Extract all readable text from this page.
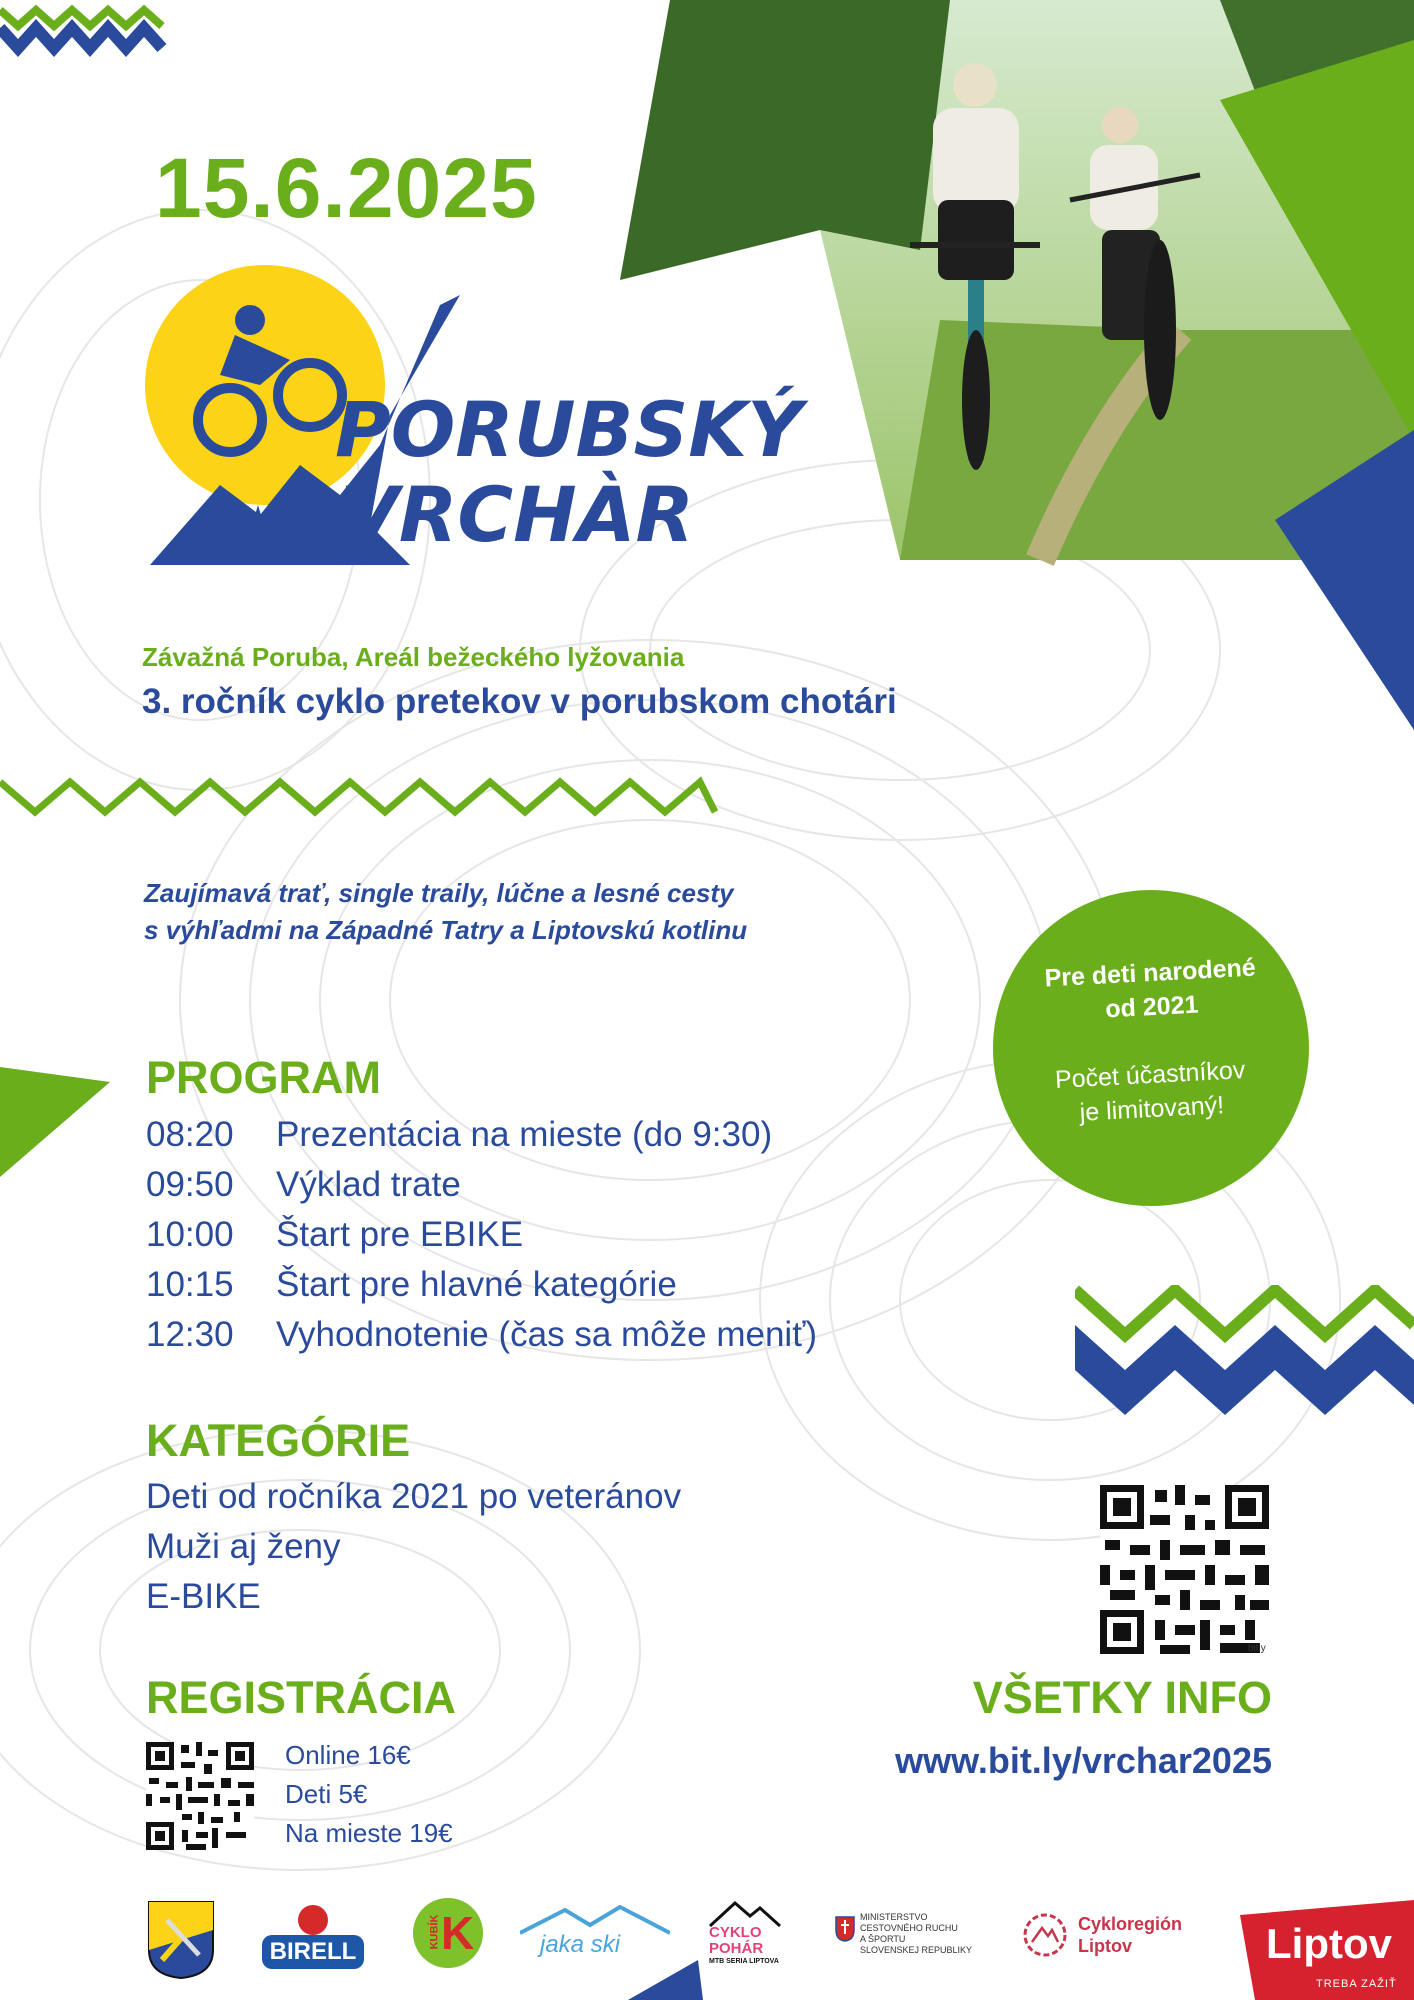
15.6.2025
PORUBSKÝ
VRCHÀR
Závažná Poruba, Areál bežeckého lyžovania
3. ročník cyklo pretekov v porubskom chotári
Zaujímavá trať, single traily, lúčne a lesné cesty
s výhľadmi na Západné Tatry a Liptovskú kotlinu
Pre deti narodené
od 2021
Počet účastníkov
je limitovaný!
PROGRAM
08:20 Prezentácia na mieste (do 9:30)
09:50 Výklad trate
10:00 Štart pre EBIKE
10:15 Štart pre hlavné kategórie
12:30 Vyhodnotenie (čas sa môže meniť)
KATEGÓRIE
Deti od ročníka 2021 po veteránov
Muži aj ženy
E-BIKE
bitly
VŠETKY INFO
www.bit.ly/vrchar2025
REGISTRÁCIA
Online 16€
Deti 5€
Na mieste 19€
BIRELL
KUBÍK K	jaka ski	CYKLO
POHÁR
MTB SERIA LIPTOVA
MINISTERSTVO
CESTOVNÉHO RUCHU
A ŠPORTU
SLOVENSKEJ REPUBLIKY
Cykloregión
Liptov	Liptov
TREBA ZAŽIŤ
